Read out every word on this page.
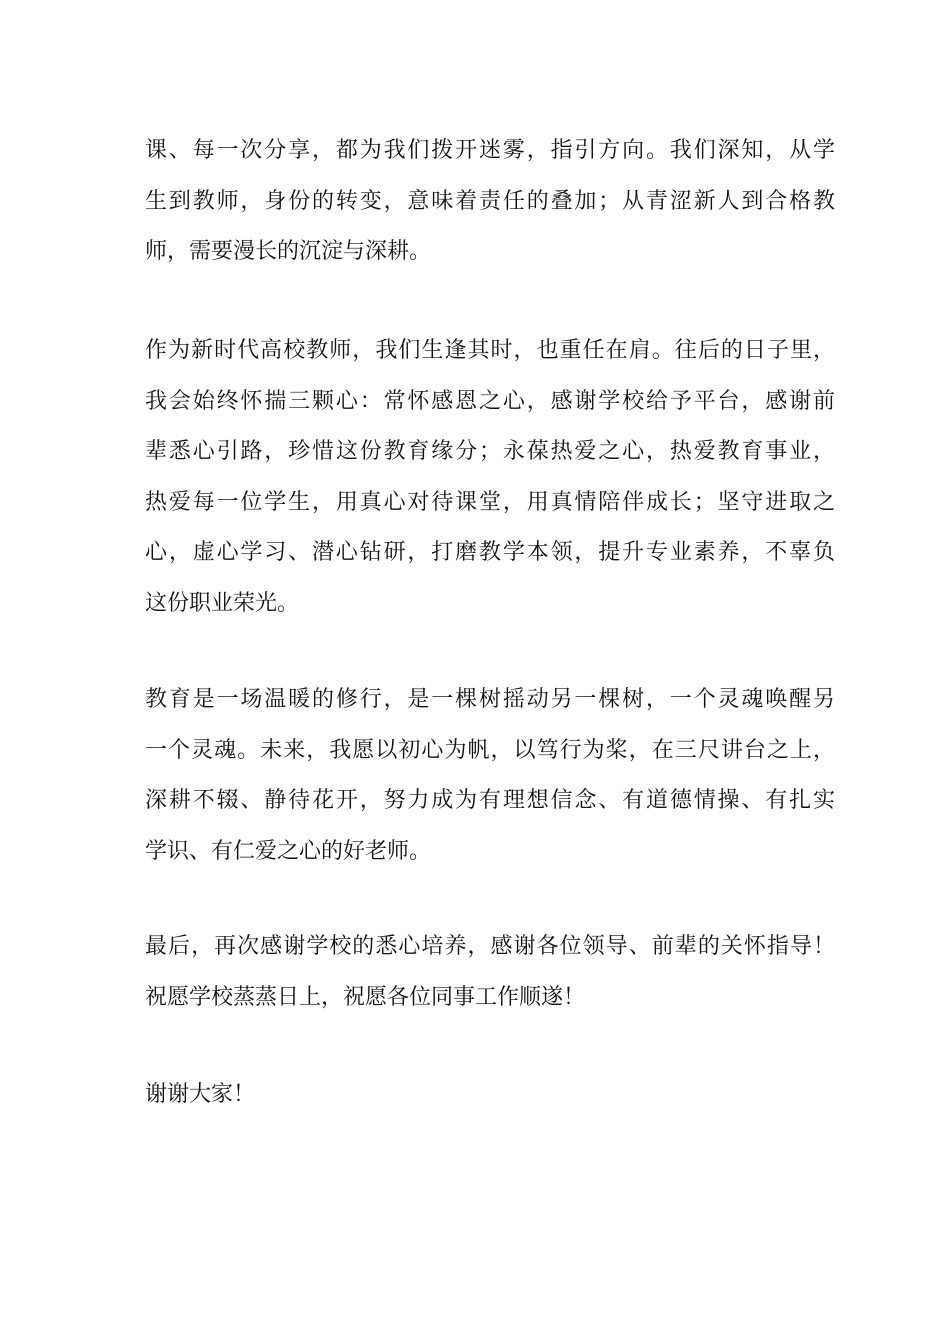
课、每一次分享，都为我们拨开迷雾，指引方向。我们深知，从学
生到教师，身份的转变，意味着责任的叠加；从青涩新人到合格教
师，需要漫长的沉淀与深耕。
作为新时代高校教师，我们生逢其时，也重任在肩。往后的日子里，
我会始终怀揣三颗心：常怀感恩之心，感谢学校给予平台，感谢前
辈悉心引路，珍惜这份教育缘分；永葆热爱之心，热爱教育事业，
热爱每一位学生，用真心对待课堂，用真情陪伴成长；坚守进取之
心，虚心学习、潜心钻研，打磨教学本领，提升专业素养，不辜负
这份职业荣光。
教育是一场温暖的修行，是一棵树摇动另一棵树，一个灵魂唤醒另
一个灵魂。未来，我愿以初心为帆，以笃行为桨，在三尺讲台之上，
深耕不辍、静待花开，努力成为有理想信念、有道德情操、有扎实
学识、有仁爱之心的好老师。
最后，再次感谢学校的悉心培养，感谢各位领导、前辈的关怀指导！
祝愿学校蒸蒸日上，祝愿各位同事工作顺遂！
谢谢大家！
